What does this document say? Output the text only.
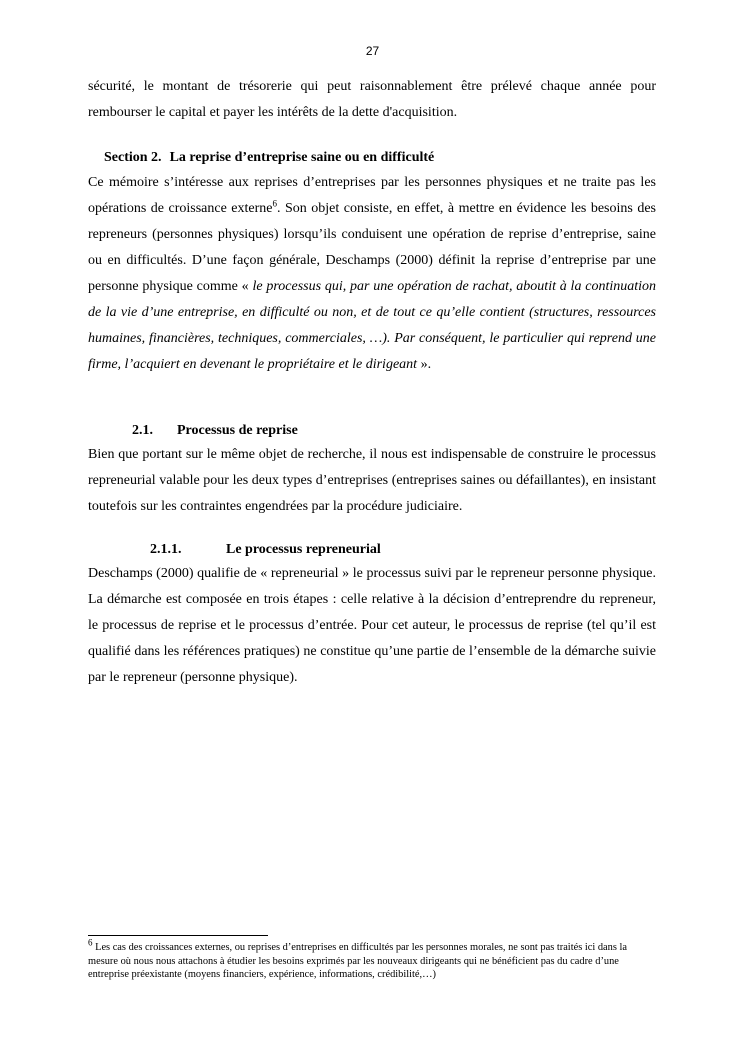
27

sécurité, le montant de trésorerie qui peut raisonnablement être prélevé chaque année pour rembourser le capital et payer les intérêts de la dette d'acquisition.

Section 2. La reprise d’entreprise saine ou en difficulté

Ce mémoire s’intéresse aux reprises d’entreprises par les personnes physiques et ne traite pas les opérations de croissance externe$^6$. Son objet consiste, en effet, à mettre en évidence les besoins des repreneurs (personnes physiques) lorsqu’ils conduisent une opération de reprise d’entreprise, saine ou en difficultés. D’une façon générale, Deschamps (2000) définit la reprise d’entreprise par une personne physique comme « le processus qui, par une opération de rachat, aboutit à la continuation de la vie d’une entreprise, en difficulté ou non, et de tout ce qu’elle contient (structures, ressources humaines, financières, techniques, commerciales, …). Par conséquent, le particulier qui reprend une firme, l’acquiert en devenant le propriétaire et le dirigeant ».

2.1. Processus de reprise

Bien que portant sur le même objet de recherche, il nous est indispensable de construire le processus repreneurial valable pour les deux types d’entreprises (entreprises saines ou défaillantes), en insistant toutefois sur les contraintes engendrées par la procédure judiciaire.

2.1.1.	Le processus repreneurial

Deschamps (2000) qualifie de « repreneurial » le processus suivi par le repreneur personne physique. La démarche est composée en trois étapes : celle relative à la décision d’entreprendre du repreneur, le processus de reprise et le processus d’entrée. Pour cet auteur, le processus de reprise (tel qu’il est qualifié dans les références pratiques) ne constitue qu’une partie de l’ensemble de la démarche suivie par le repreneur (personne physique).

$^6$ Les cas des croissances externes, ou reprises d’entreprises en difficultés par les personnes morales, ne sont pas traités ici dans la mesure où nous nous attachons à étudier les besoins exprimés par les nouveaux dirigeants qui ne bénéficient pas du cadre d’une entreprise préexistante (moyens financiers, expérience, informations, crédibilité,…)
